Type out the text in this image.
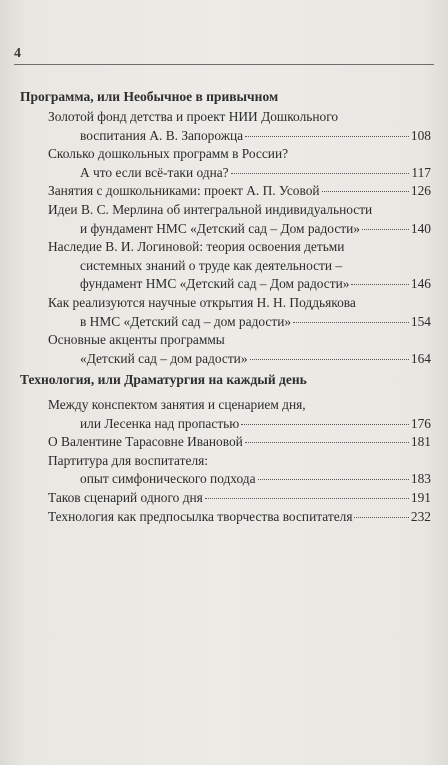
4
Программа, или Необычное в привычном
Золотой фонд детства и проект НИИ Дошкольного
воспитания А. В. Запорожца	108
Сколько дошкольных программ в России?
А что если всё-таки одна?	117
Занятия с дошкольниками: проект А. П. Усовой	126
Идеи В. С. Мерлина об интегральной индивидуальности
и фундамент НМС «Детский сад – Дом радости»	140
Наследие В. И. Логиновой: теория освоения детьми
системных знаний о труде как деятельности –
фундамент НМС «Детский сад – Дом радости»	146
Как реализуются научные открытия Н. Н. Поддьякова
в НМС «Детский сад – дом радости»	154
Основные акценты программы
«Детский сад – дом радости»	164
Технология, или Драматургия на каждый день
Между конспектом занятия и сценарием дня,
или Лесенка над пропастью	176
О Валентине Тарасовне Ивановой	181
Партитура для воспитателя:
опыт симфонического подхода	183
Таков сценарий одного дня	191
Технология как предпосылка творчества воспитателя	232
